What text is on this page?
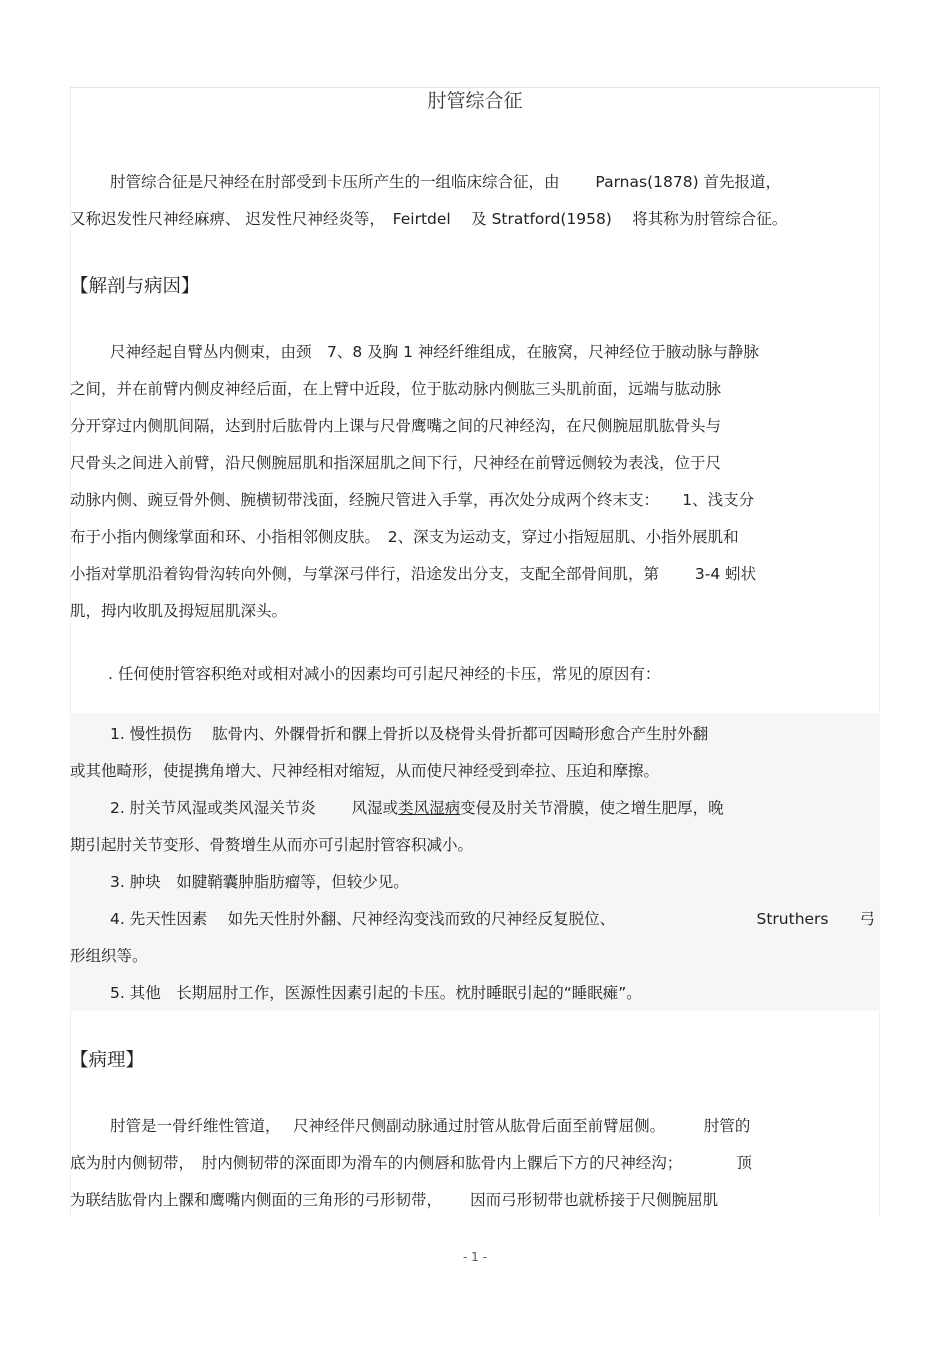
肘管综合征
肘管综合征是尺神经在肘部受到卡压所产生的一组临床综合征，由　　 Parnas(1878) 首先报道，
又称迟发性尺神经麻痹、 迟发性尺神经炎等，　Feirtdel　 及 Stratford(1958)　 将其称为肘管综合征。
【解剖与病因】
尺神经起自臂丛内侧束，由颈　7、8 及胸 1 神经纤维组成，在腋窝，尺神经位于腋动脉与静脉
之间，并在前臂内侧皮神经后面，在上臂中近段，位于肱动脉内侧肱三头肌前面，远端与肱动脉
分开穿过内侧肌间隔，达到肘后肱骨内上课与尺骨鹰嘴之间的尺神经沟，在尺侧腕屈肌肱骨头与
尺骨头之间进入前臂，沿尺侧腕屈肌和指深屈肌之间下行，尺神经在前臂远侧较为表浅，位于尺
动脉内侧、豌豆骨外侧、腕横韧带浅面，经腕尺管进入手掌，再次处分成两个终末支：　　1、浅支分
布于小指内侧缘掌面和环、小指相邻侧皮肤。　2、深支为运动支，穿过小指短屈肌、小指外展肌和
小指对掌肌沿着钩骨沟转向外侧，与掌深弓伴行，沿途发出分支，支配全部骨间肌，第　　 3-4 蚓状
肌，拇内收肌及拇短屈肌深头。
. 任何使肘管容积绝对或相对减小的因素均可引起尺神经的卡压，常见的原因有：
1. 慢性损伤　 肱骨内、外髁骨折和髁上骨折以及桡骨头骨折都可因畸形愈合产生肘外翻
或其他畸形，使提携角增大、尺神经相对缩短，从而使尺神经受到牵拉、压迫和摩擦。
2. 肘关节风湿或类风湿关节炎　　 风湿或类风湿病变侵及肘关节滑膜，使之增生肥厚，晚
期引起肘关节变形、骨赘增生从而亦可引起肘管容积减小。
3. 肿块　如腱鞘囊肿脂肪瘤等，但较少见。
4. 先天性因素　 如先天性肘外翻、尺神经沟变浅而致的尺神经反复脱位、	Struthers　　弓
形组织等。
5. 其他　长期屈肘工作，医源性因素引起的卡压。枕肘睡眠引起的“睡眠瘫”。
【病理】
肘管是一骨纤维性管道，　 尺神经伴尺侧副动脉通过肘管从肱骨后面至前臂屈侧。　　　肘管的
底为肘内侧韧带，　肘内侧韧带的深面即为滑车的内侧唇和肱骨内上髁后下方的尺神经沟；　　　　顶
为联结肱骨内上髁和鹰嘴内侧面的三角形的弓形韧带，　　 因而弓形韧带也就桥接于尺侧腕屈肌
- 1 -
